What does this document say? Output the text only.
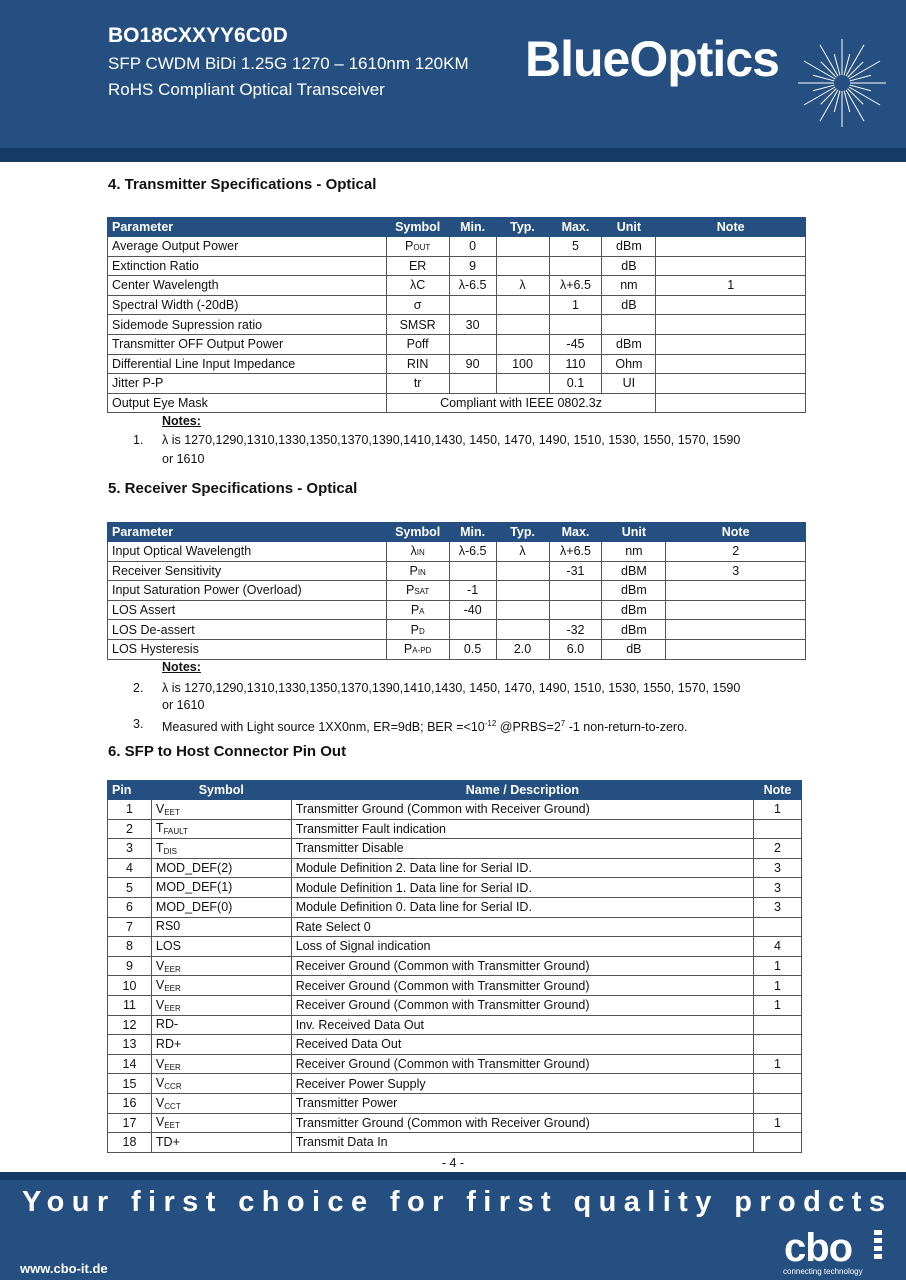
BO18CXXYY6C0D
SFP CWDM BiDi 1.25G 1270 – 1610nm 120KM
RoHS Compliant Optical Transceiver
BlueOptics
4. Transmitter Specifications - Optical
Parameter	Symbol	Min.	Typ.	Max.	Unit	Note
Average Output Power	POUT	0		5	dBm	
Extinction Ratio	ER	9			dB	
Center Wavelength	λC	λ-6.5	λ	λ+6.5	nm	1
Spectral Width (-20dB)	σ			1	dB	
Sidemode Supression ratio	SMSR	30				
Transmitter OFF Output Power	Poff			-45	dBm	
Differential Line Input Impedance	RIN	90	100	110	Ohm	
Jitter P-P	tr			0.1	UI	
Output Eye Mask	Compliant with IEEE 0802.3z					
Notes:
1. λ is 1270,1290,1310,1330,1350,1370,1390,1410,1430, 1450, 1470, 1490, 1510, 1530, 1550, 1570, 1590
or 1610
5. Receiver Specifications - Optical
Parameter	Symbol	Min.	Typ.	Max.	Unit	Note
Input Optical Wavelength	λIN	λ-6.5	λ	λ+6.5	nm	2
Receiver Sensitivity	PIN			-31	dBM	3
Input Saturation Power (Overload)	PSAT	-1			dBm	
LOS Assert	PA	-40			dBm	
LOS De-assert	PD			-32	dBm	
LOS Hysteresis	PA-PD	0.5	2.0	6.0	dB	
Notes:
2. λ is 1270,1290,1310,1330,1350,1370,1390,1410,1430, 1450, 1470, 1490, 1510, 1530, 1550, 1570, 1590
or 1610
3. Measured with Light source 1XX0nm, ER=9dB; BER $=<10^{-12}$ $@PRBS=2^7$ -1 non-return-to-zero.
6. SFP to Host Connector Pin Out
Pin	Symbol	Name / Description	Note
1	VEET	Transmitter Ground (Common with Receiver Ground)	1
2	TFAULT	Transmitter Fault indication	
3	TDIS	Transmitter Disable	2
4	MOD_DEF(2)	Module Definition 2. Data line for Serial ID.	3
5	MOD_DEF(1)	Module Definition 1. Data line for Serial ID.	3
6	MOD_DEF(0)	Module Definition 0. Data line for Serial ID.	3
7	RS0	Rate Select 0	
8	LOS	Loss of Signal indication	4
9	VEER	Receiver Ground (Common with Transmitter Ground)	1
10	VEER	Receiver Ground (Common with Transmitter Ground)	1
11	VEER	Receiver Ground (Common with Transmitter Ground)	1
12	RD-	Inv. Received Data Out	
13	RD+	Received Data Out	
14	VEER	Receiver Ground (Common with Transmitter Ground)	1
15	VCCR	Receiver Power Supply	
16	VCCT	Transmitter Power	
17	VEET	Transmitter Ground (Common with Receiver Ground)	1
18	TD+	Transmit Data In	
- 4 -
Your first choice for first quality prodcts
www.cbo-it.de	cbo
connecting technology
